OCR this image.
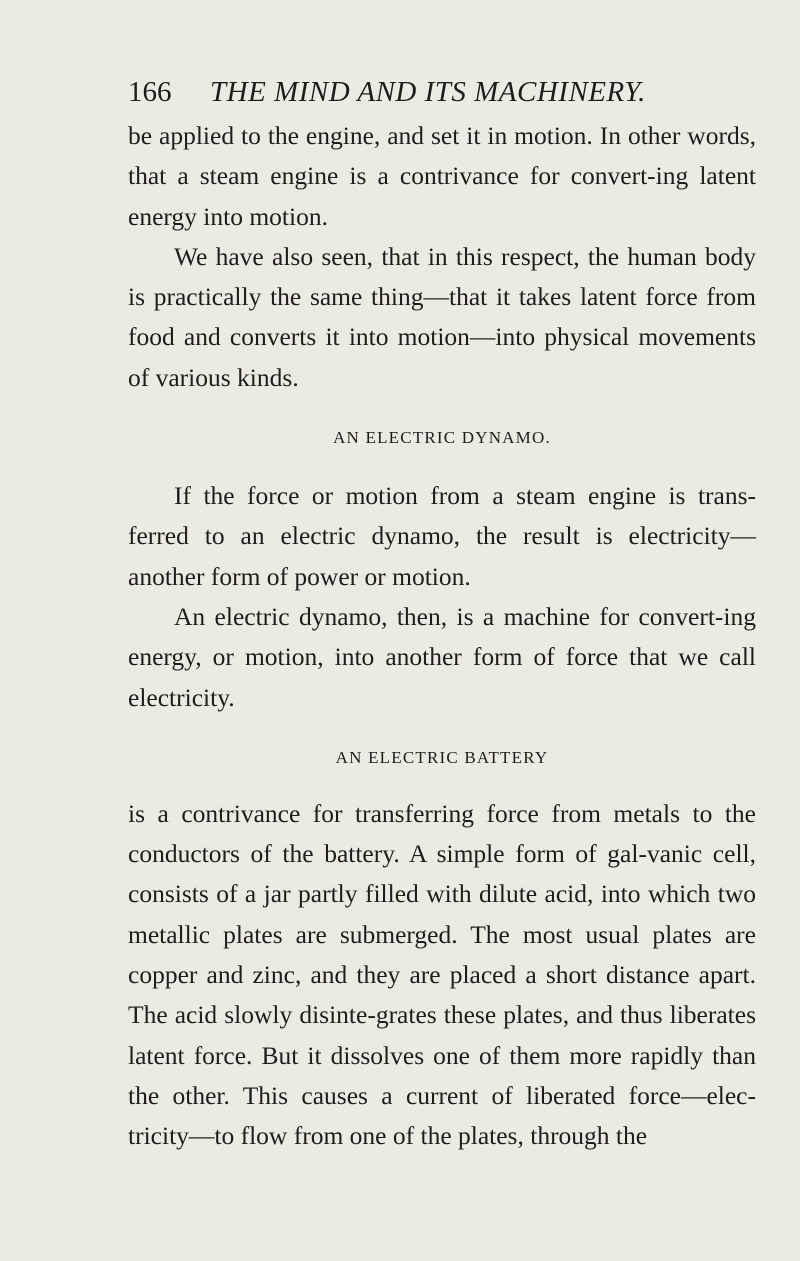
166 THE MIND AND ITS MACHINERY.

be applied to the engine, and set it in motion. In other words, that a steam engine is a contrivance for convert-ing latent energy into motion.

We have also seen, that in this respect, the human body is practically the same thing—that it takes latent force from food and converts it into motion—into physical movements of various kinds.

AN ELECTRIC DYNAMO.

If the force or motion from a steam engine is trans-ferred to an electric dynamo, the result is electricity—another form of power or motion.

An electric dynamo, then, is a machine for convert-ing energy, or motion, into another form of force that we call electricity.

AN ELECTRIC BATTERY

is a contrivance for transferring force from metals to the conductors of the battery. A simple form of gal-vanic cell, consists of a jar partly filled with dilute acid, into which two metallic plates are submerged. The most usual plates are copper and zinc, and they are placed a short distance apart. The acid slowly disinte-grates these plates, and thus liberates latent force. But it dissolves one of them more rapidly than the other. This causes a current of liberated force—elec-tricity—to flow from one of the plates, through the
